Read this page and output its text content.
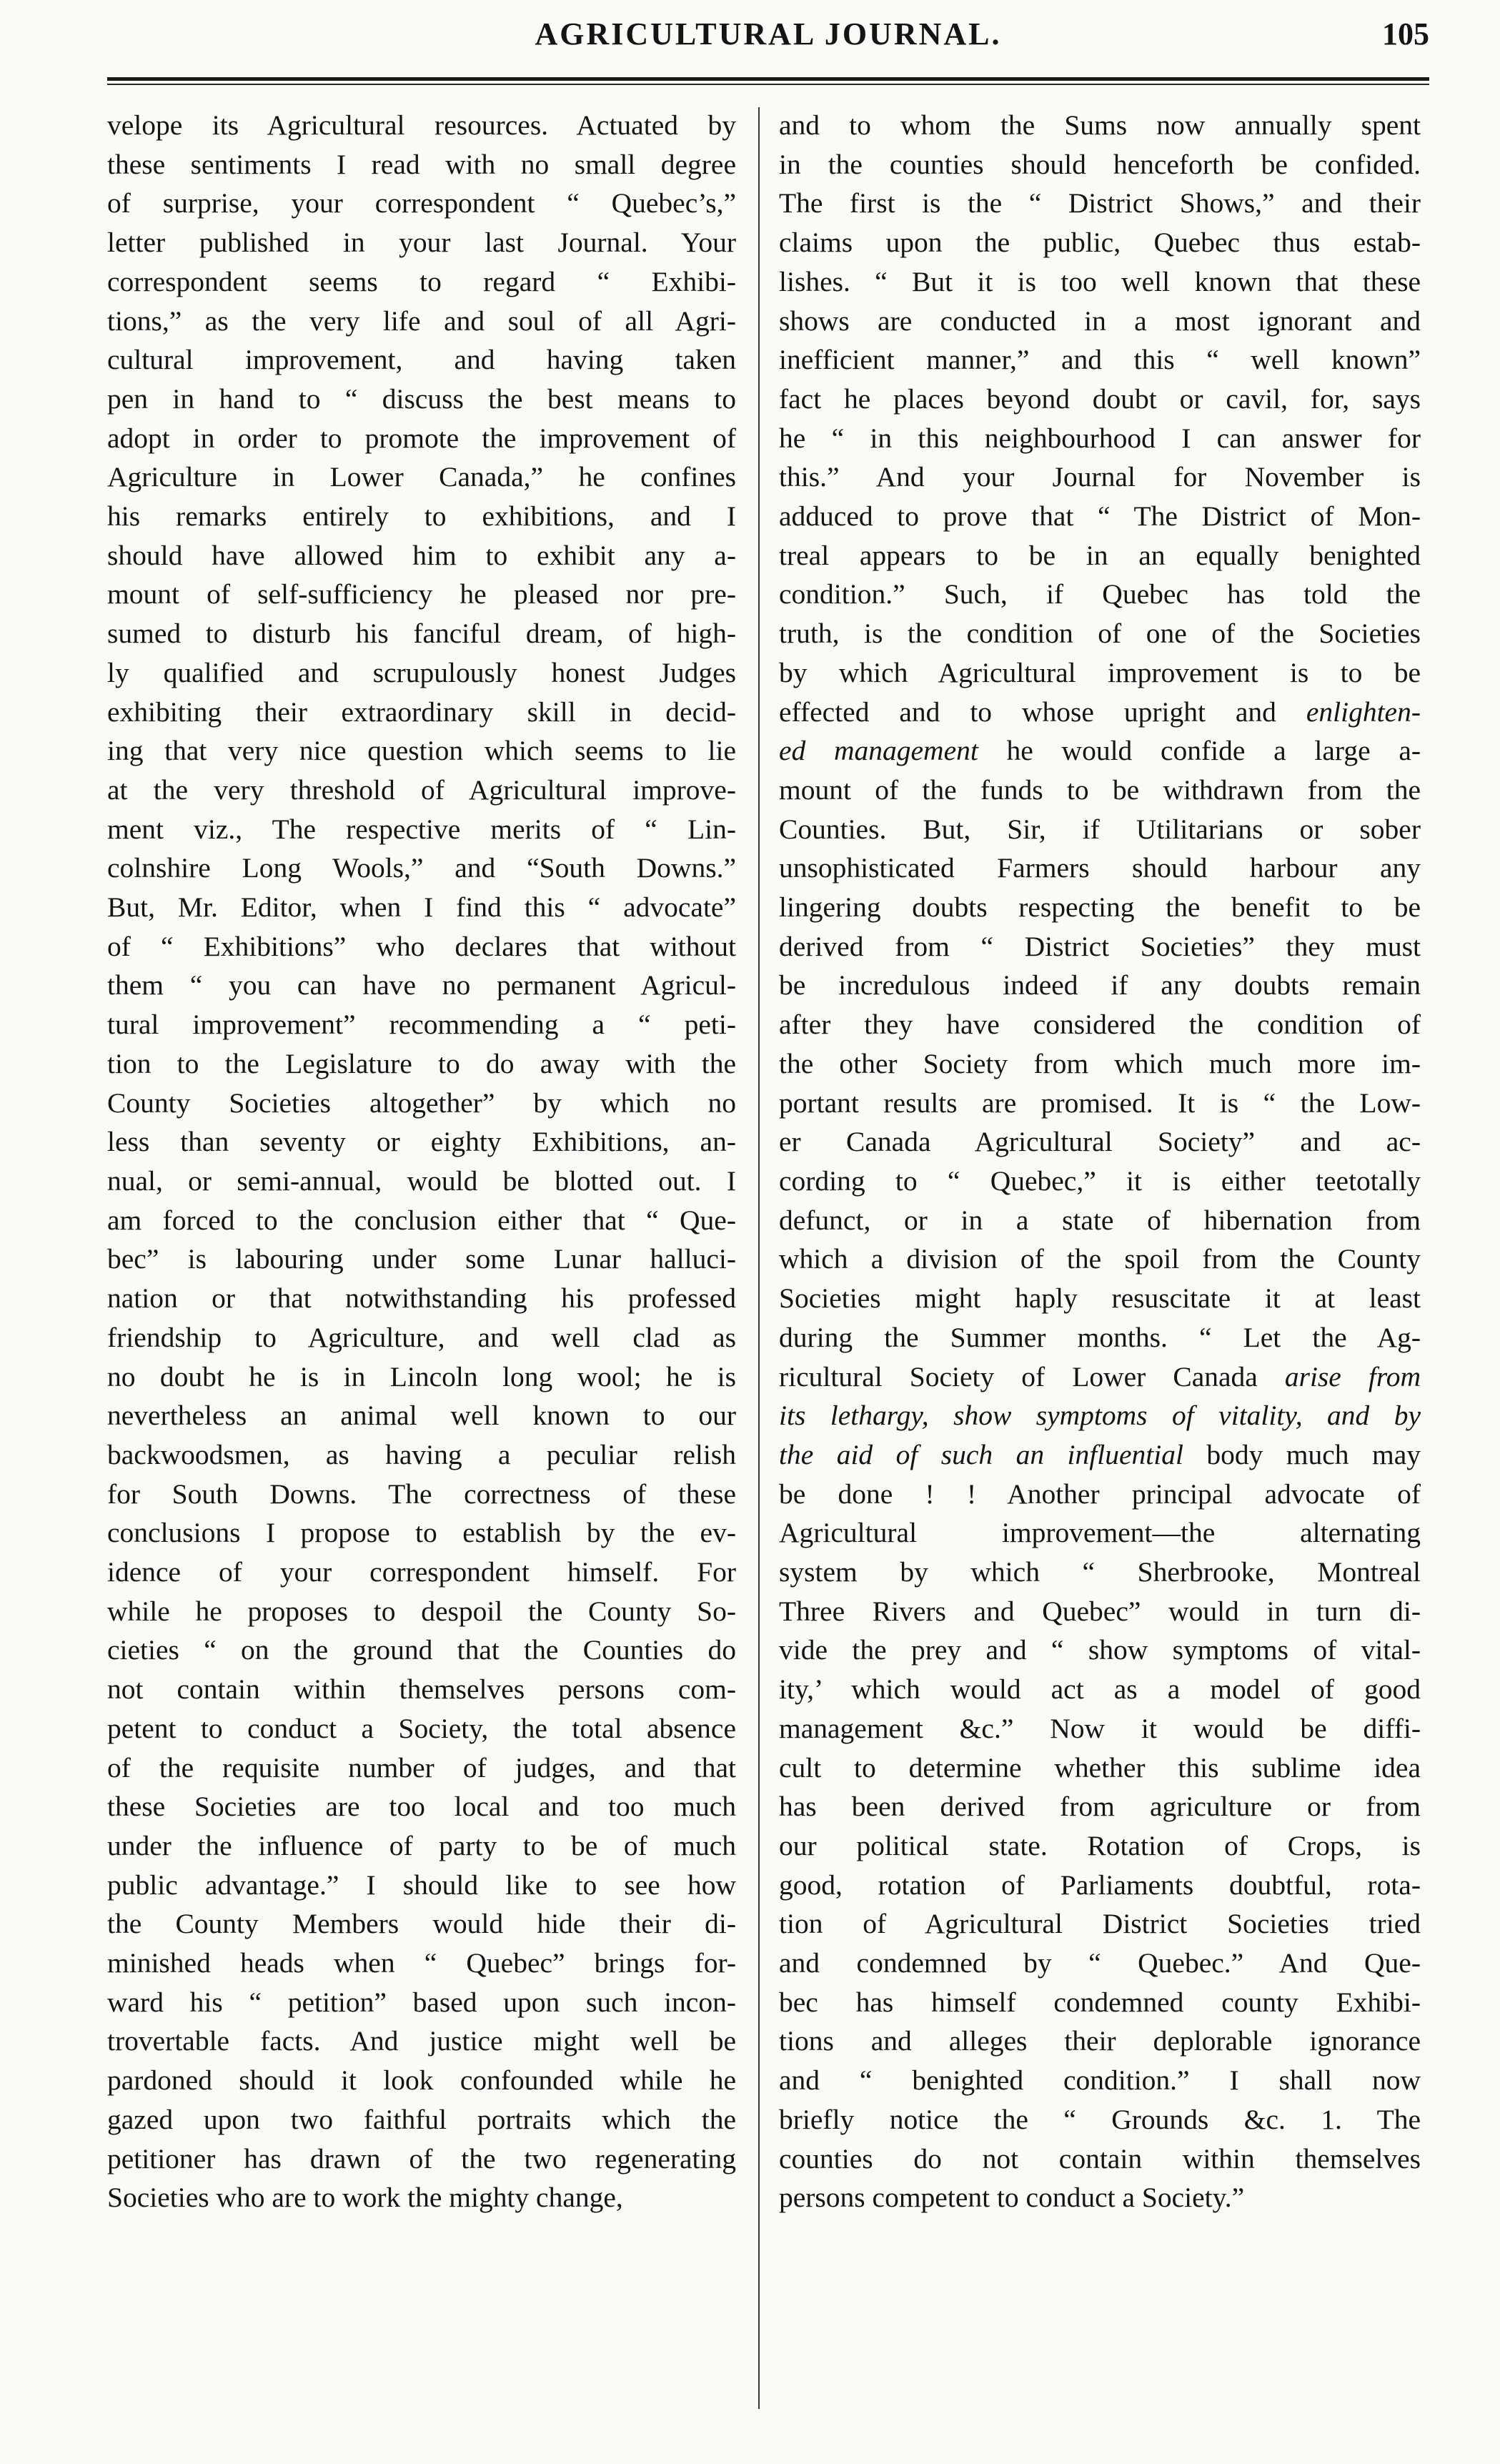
AGRICULTURAL JOURNAL.	105
velope its Agricultural resources. Actuated by
these sentiments I read with no small degree
of surprise, your correspondent “ Quebec’s,”
letter published in your last Journal. Your
correspondent seems to regard “ Exhibi-
tions,” as the very life and soul of all Agri-
cultural improvement, and having taken
pen in hand to “ discuss the best means to
adopt in order to promote the improvement of
Agriculture in Lower Canada,” he confines
his remarks entirely to exhibitions, and I
should have allowed him to exhibit any a-
mount of self-sufficiency he pleased nor pre-
sumed to disturb his fanciful dream, of high-
ly qualified and scrupulously honest Judges
exhibiting their extraordinary skill in decid-
ing that very nice question which seems to lie
at the very threshold of Agricultural improve-
ment viz., The respective merits of “ Lin-
colnshire Long Wools,” and “South Downs.”
But, Mr. Editor, when I find this “ advocate”
of “ Exhibitions” who declares that without
them “ you can have no permanent Agricul-
tural improvement” recommending a “ peti-
tion to the Legislature to do away with the
County Societies altogether” by which no
less than seventy or eighty Exhibitions, an-
nual, or semi-annual, would be blotted out. I
am forced to the conclusion either that “ Que-
bec” is labouring under some Lunar halluci-
nation or that notwithstanding his professed
friendship to Agriculture, and well clad as
no doubt he is in Lincoln long wool; he is
nevertheless an animal well known to our
backwoodsmen, as having a peculiar relish
for South Downs. The correctness of these
conclusions I propose to establish by the ev-
idence of your correspondent himself. For
while he proposes to despoil the County So-
cieties “ on the ground that the Counties do
not contain within themselves persons com-
petent to conduct a Society, the total absence
of the requisite number of judges, and that
these Societies are too local and too much
under the influence of party to be of much
public advantage.” I should like to see how
the County Members would hide their di-
minished heads when “ Quebec” brings for-
ward his “ petition” based upon such incon-
trovertable facts. And justice might well be
pardoned should it look confounded while he
gazed upon two faithful portraits which the
petitioner has drawn of the two regenerating
Societies who are to work the mighty change,
and to whom the Sums now annually spent
in the counties should henceforth be confided.
The first is the “ District Shows,” and their
claims upon the public, Quebec thus estab-
lishes. “ But it is too well known that these
shows are conducted in a most ignorant and
inefficient manner,” and this “ well known”
fact he places beyond doubt or cavil, for, says
he “ in this neighbourhood I can answer for
this.” And your Journal for November is
adduced to prove that “ The District of Mon-
treal appears to be in an equally benighted
condition.” Such, if Quebec has told the
truth, is the condition of one of the Societies
by which Agricultural improvement is to be
effected and to whose upright and enlighten-
ed management he would confide a large a-
mount of the funds to be withdrawn from the
Counties. But, Sir, if Utilitarians or sober
unsophisticated Farmers should harbour any
lingering doubts respecting the benefit to be
derived from “ District Societies” they must
be incredulous indeed if any doubts remain
after they have considered the condition of
the other Society from which much more im-
portant results are promised. It is “ the Low-
er Canada Agricultural Society” and ac-
cording to “ Quebec,” it is either teetotally
defunct, or in a state of hibernation from
which a division of the spoil from the County
Societies might haply resuscitate it at least
during the Summer months. “ Let the Ag-
ricultural Society of Lower Canada arise from
its lethargy, show symptoms of vitality, and by
the aid of such an influential body much may
be done ! ! Another principal advocate of
Agricultural improvement—the alternating
system by which “ Sherbrooke, Montreal
Three Rivers and Quebec” would in turn di-
vide the prey and “ show symptoms of vital-
ity,’ which would act as a model of good
management &c.” Now it would be diffi-
cult to determine whether this sublime idea
has been derived from agriculture or from
our political state. Rotation of Crops, is
good, rotation of Parliaments doubtful, rota-
tion of Agricultural District Societies tried
and condemned by “ Quebec.” And Que-
bec has himself condemned county Exhibi-
tions and alleges their deplorable ignorance
and “ benighted condition.” I shall now
briefly notice the “ Grounds &c. 1. The
counties do not contain within themselves
persons competent to conduct a Society.”
